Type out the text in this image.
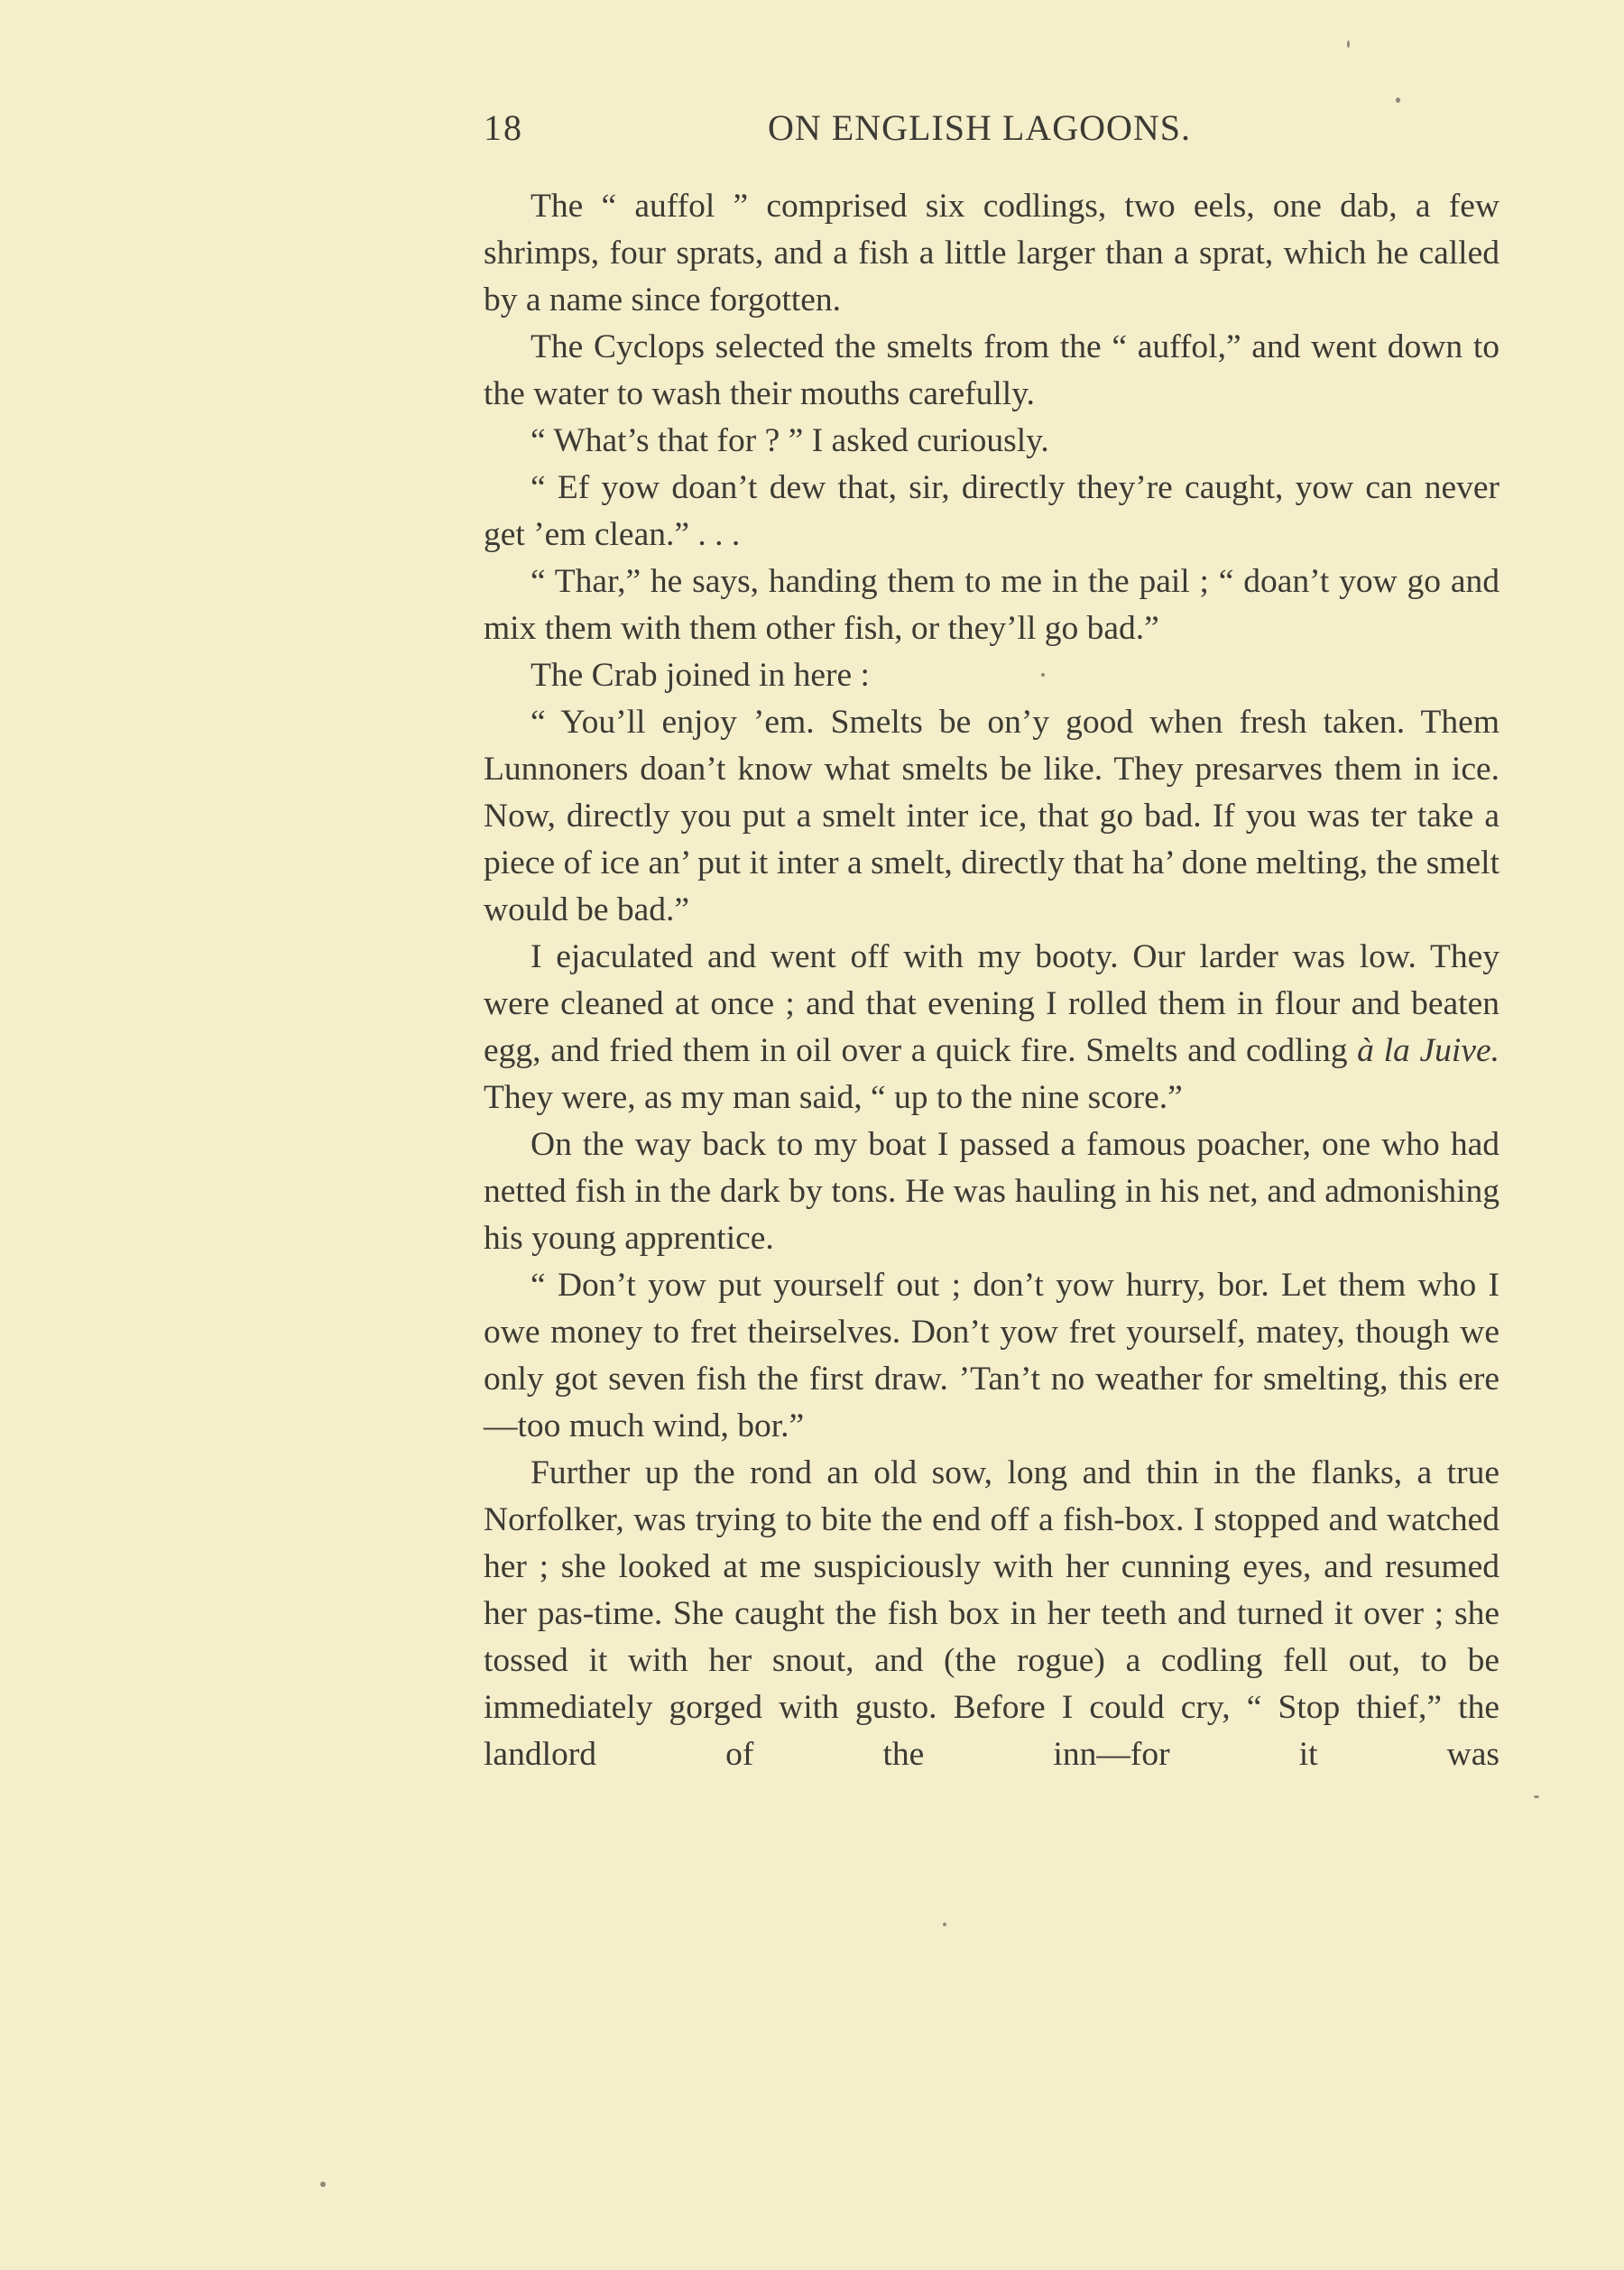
18	ON ENGLISH LAGOONS.

The “ auffol ” comprised six codlings, two eels, one dab, a few shrimps, four sprats, and a fish a little larger than a sprat, which he called by a name since forgotten.

The Cyclops selected the smelts from the “ auffol,” and went down to the water to wash their mouths carefully.

“ What’s that for ? ” I asked curiously.

“ Ef yow doan’t dew that, sir, directly they’re caught, yow can never get ’em clean.” . . .

“ Thar,” he says, handing them to me in the pail ; “ doan’t yow go and mix them with them other fish, or they’ll go bad.”

The Crab joined in here :

“ You’ll enjoy ’em. Smelts be on’y good when fresh taken. Them Lunnoners doan’t know what smelts be like. They presarves them in ice. Now, directly you put a smelt inter ice, that go bad. If you was ter take a piece of ice an’ put it inter a smelt, directly that ha’ done melting, the smelt would be bad.”

I ejaculated and went off with my booty. Our larder was low. They were cleaned at once ; and that evening I rolled them in flour and beaten egg, and fried them in oil over a quick fire. Smelts and codling à la Juive. They were, as my man said, “ up to the nine score.”

On the way back to my boat I passed a famous poacher, one who had netted fish in the dark by tons. He was hauling in his net, and admonishing his young apprentice.

“ Don’t yow put yourself out ; don’t yow hurry, bor. Let them who I owe money to fret theirselves. Don’t yow fret yourself, matey, though we only got seven fish the first draw. ’Tan’t no weather for smelting, this ere—too much wind, bor.”

Further up the rond an old sow, long and thin in the flanks, a true Norfolker, was trying to bite the end off a fish-box. I stopped and watched her ; she looked at me suspiciously with her cunning eyes, and resumed her pas-time. She caught the fish box in her teeth and turned it over ; she tossed it with her snout, and (the rogue) a codling fell out, to be immediately gorged with gusto. Before I could cry, “ Stop thief,” the landlord of the inn—for it was
